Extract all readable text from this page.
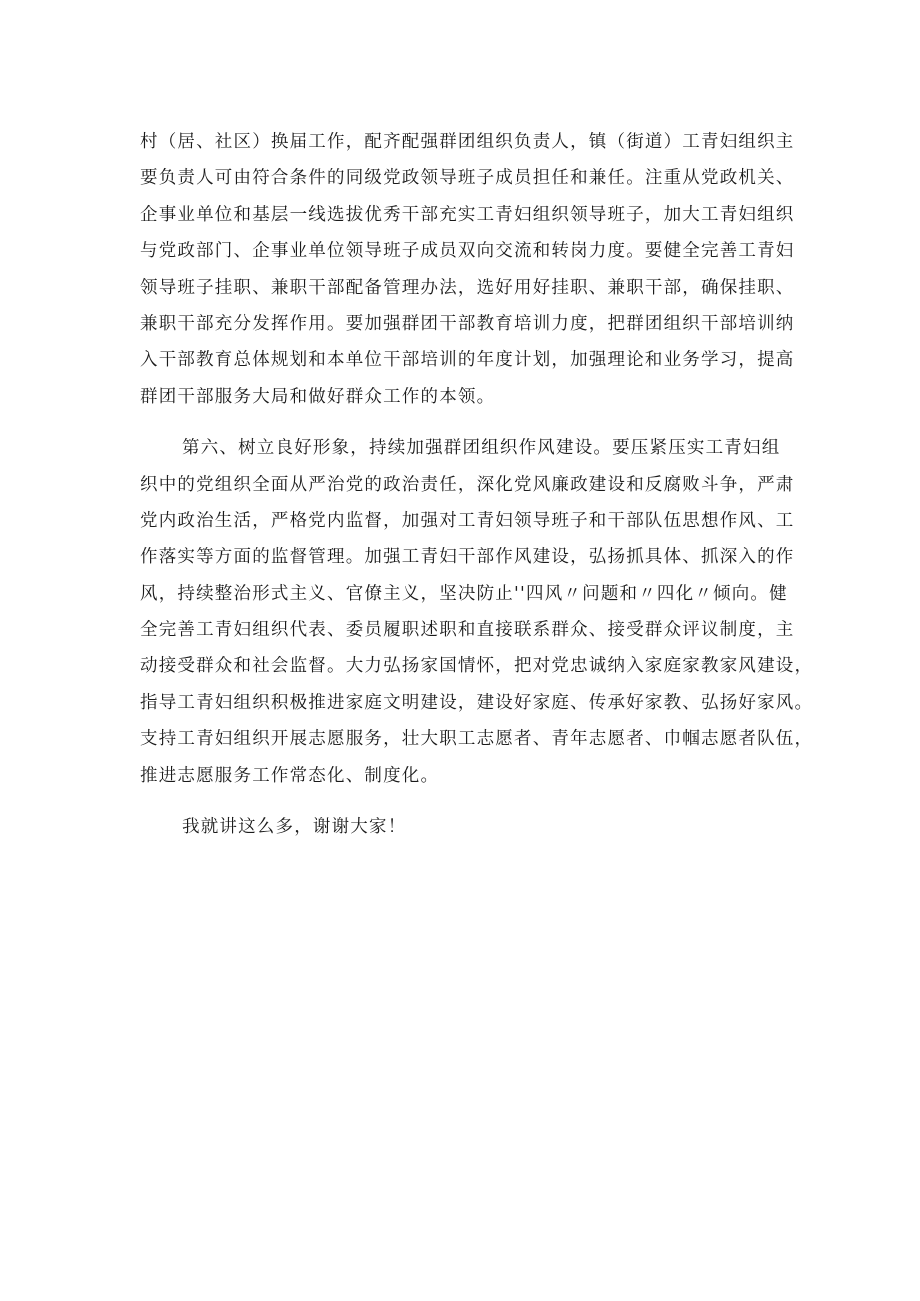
村（居、社区）换届工作，配齐配强群团组织负责人，镇（街道）工青妇组织主
要负责人可由符合条件的同级党政领导班子成员担任和兼任。注重从党政机关、
企事业单位和基层一线选拔优秀干部充实工青妇组织领导班子，加大工青妇组织
与党政部门、企事业单位领导班子成员双向交流和转岗力度。要健全完善工青妇
领导班子挂职、兼职干部配备管理办法，选好用好挂职、兼职干部，确保挂职、
兼职干部充分发挥作用。要加强群团干部教育培训力度，把群团组织干部培训纳
入干部教育总体规划和本单位干部培训的年度计划，加强理论和业务学习，提高
群团干部服务大局和做好群众工作的本领。
第六、树立良好形象，持续加强群团组织作风建设。要压紧压实工青妇组
织中的党组织全面从严治党的政治责任，深化党风廉政建设和反腐败斗争，严肃
党内政治生活，严格党内监督，加强对工青妇领导班子和干部队伍思想作风、工
作落实等方面的监督管理。加强工青妇干部作风建设，弘扬抓具体、抓深入的作
风，持续整治形式主义、官僚主义，坚决防止''四风〃问题和〃四化〃倾向。健
全完善工青妇组织代表、委员履职述职和直接联系群众、接受群众评议制度，主
动接受群众和社会监督。大力弘扬家国情怀，把对党忠诚纳入家庭家教家风建设，
指导工青妇组织积极推进家庭文明建设，建设好家庭、传承好家教、弘扬好家风。
支持工青妇组织开展志愿服务，壮大职工志愿者、青年志愿者、巾帼志愿者队伍，
推进志愿服务工作常态化、制度化。
我就讲这么多，谢谢大家！
